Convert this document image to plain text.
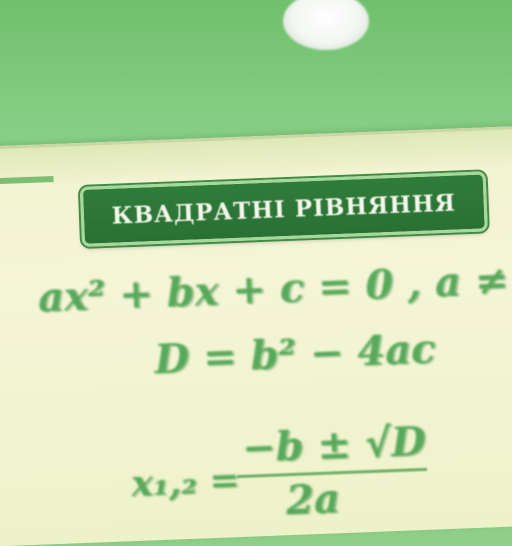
КВАДРАТНІ РІВНЯННЯ
ax² + bx + c = 0 , a ≠
D = b² − 4ac
x₁,₂ =
−b ± √D
2a
